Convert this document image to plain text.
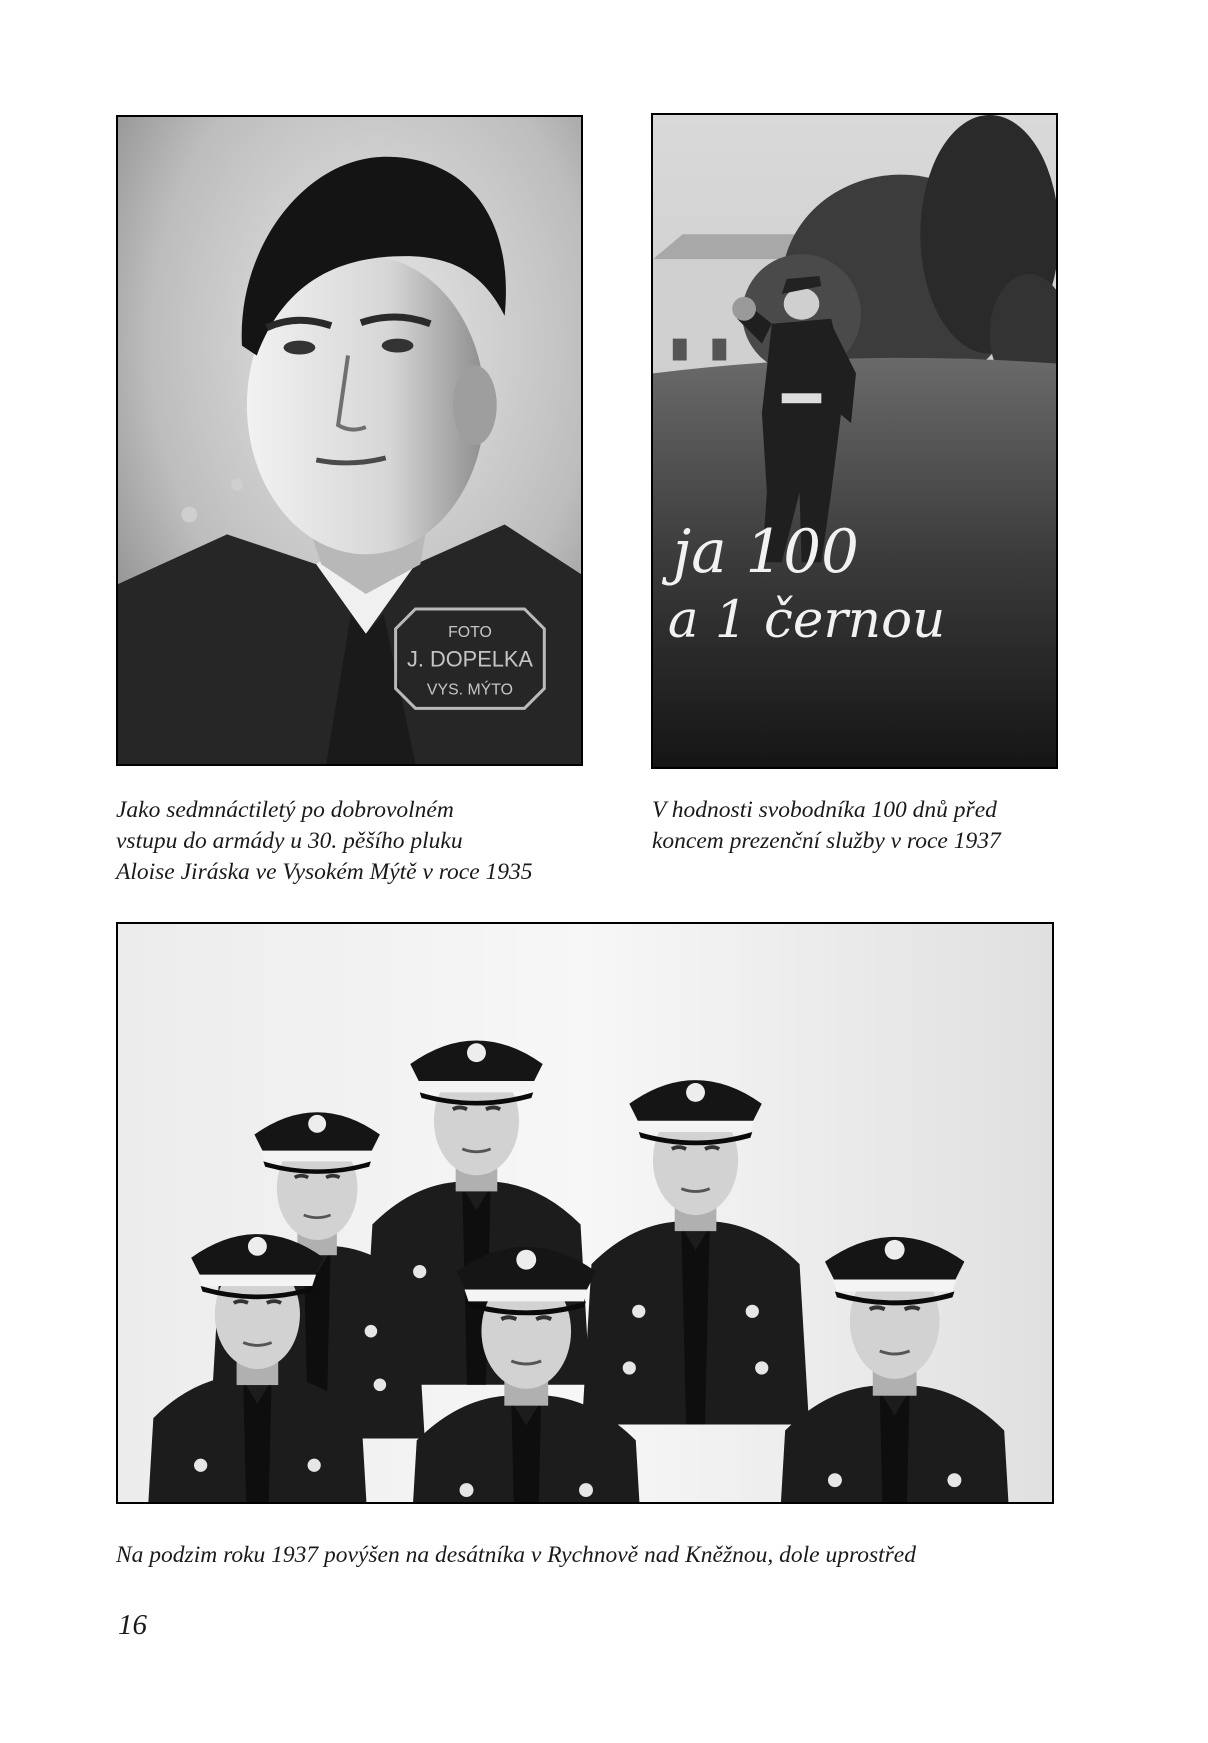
FOTO
J. DOPELKA
VYS. MÝTO
ja 100
a 1 černou

Jako sedmnáctiletý po dobrovolném
vstupu do armády u 30. pěšího pluku
Aloise Jiráska ve Vysokém Mýtě v roce 1935

V hodnosti svobodníka 100 dnů před
koncem prezenční služby v roce 1937

Na podzim roku 1937 povýšen na desátníka v Rychnově nad Kněžnou, dole uprostřed

16
